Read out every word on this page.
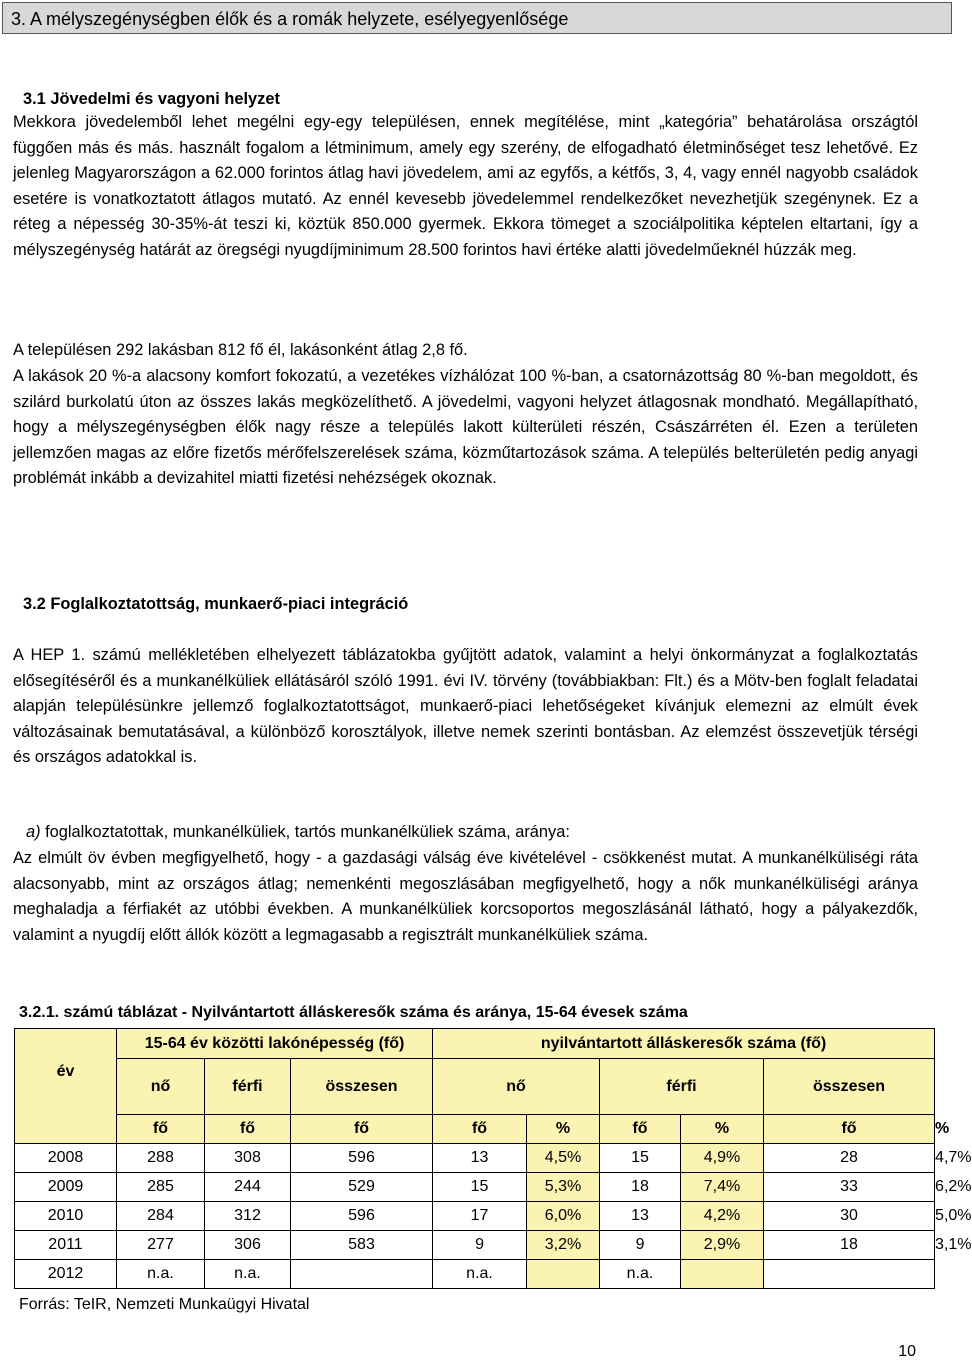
3. A mélyszegénységben élők és a romák helyzete, esélyegyenlősége
3.1 Jövedelmi és vagyoni helyzet
Mekkora jövedelemből lehet megélni egy-egy településen, ennek megítélése, mint „kategória” behatárolása országtól függően más és más. használt fogalom a létminimum, amely egy szerény, de elfogadható életminőséget tesz lehetővé. Ez jelenleg Magyarországon a 62.000 forintos átlag havi jövedelem, ami az egyfős, a kétfős, 3, 4, vagy ennél nagyobb családok esetére is vonatkoztatott átlagos mutató. Az ennél kevesebb jövedelemmel rendelkezőket nevezhetjük szegénynek. Ez a réteg a népesség 30-35%-át teszi ki, köztük 850.000 gyermek. Ekkora tömeget a szociálpolitika képtelen eltartani, így a mélyszegénység határát az öregségi nyugdíjminimum 28.500 forintos havi értéke alatti jövedelműeknél húzzák meg.
A településen 292 lakásban 812 fő él, lakásonként átlag 2,8 fő.
A lakások 20 %-a alacsony komfort fokozatú, a vezetékes vízhálózat 100 %-ban, a csatornázottság 80 %-ban megoldott, és szilárd burkolatú úton az összes lakás megközelíthető. A jövedelmi, vagyoni helyzet átlagosnak mondható. Megállapítható, hogy a mélyszegénységben élők nagy része a település lakott külterületi részén, Császárréten él. Ezen a területen jellemzően magas az előre fizetős mérőfelszerelések száma, közműtartozások száma. A település belterületén pedig anyagi problémát inkább a devizahitel miatti fizetési nehézségek okoznak.
3.2 Foglalkoztatottság, munkaerő-piaci integráció
A HEP 1. számú mellékletében elhelyezett táblázatokba gyűjtött adatok, valamint a helyi önkormányzat a foglalkoztatás elősegítéséről és a munkanélküliek ellátásáról szóló 1991. évi IV. törvény (továbbiakban: Flt.) és a Mötv-ben foglalt feladatai alapján településünkre jellemző foglalkoztatottságot, munkaerő-piaci lehetőségeket kívánjuk elemezni az elmúlt évek változásainak bemutatásával, a különböző korosztályok, illetve nemek szerinti bontásban. Az elemzést összevetjük térségi és országos adatokkal is.
a) foglalkoztatottak, munkanélküliek, tartós munkanélküliek száma, aránya:
Az elmúlt öv évben megfigyelhető, hogy - a gazdasági válság éve kivételével - csökkenést mutat. A munkanélküliségi ráta alacsonyabb, mint az országos átlag; nemenkénti megoszlásában megfigyelhető, hogy a nők munkanélküliségi aránya meghaladja a férfiakét az utóbbi években. A munkanélküliek korcsoportos megoszlásánál látható, hogy a pályakezdők, valamint a nyugdíj előtt állók között a legmagasabb a regisztrált munkanélküliek száma.
3.2.1. számú táblázat - Nyilvántartott álláskeresők száma és aránya, 15-64 évesek száma
év	15-64 év közötti lakónépesség (fő)			nyilvántartott álláskeresők száma (fő)					
	nő	férfi	összesen	nő		férfi		összesen	
	fő	fő	fő	fő	%	fő	%	fő	%
2008	288	308	596	13	4,5%	15	4,9%	28	4,7%
2009	285	244	529	15	5,3%	18	7,4%	33	6,2%
2010	284	312	596	17	6,0%	13	4,2%	30	5,0%
2011	277	306	583	9	3,2%	9	2,9%	18	3,1%
2012	n.a.	n.a.		n.a.		n.a.			
Forrás: TeIR, Nemzeti Munkaügyi Hivatal
10
